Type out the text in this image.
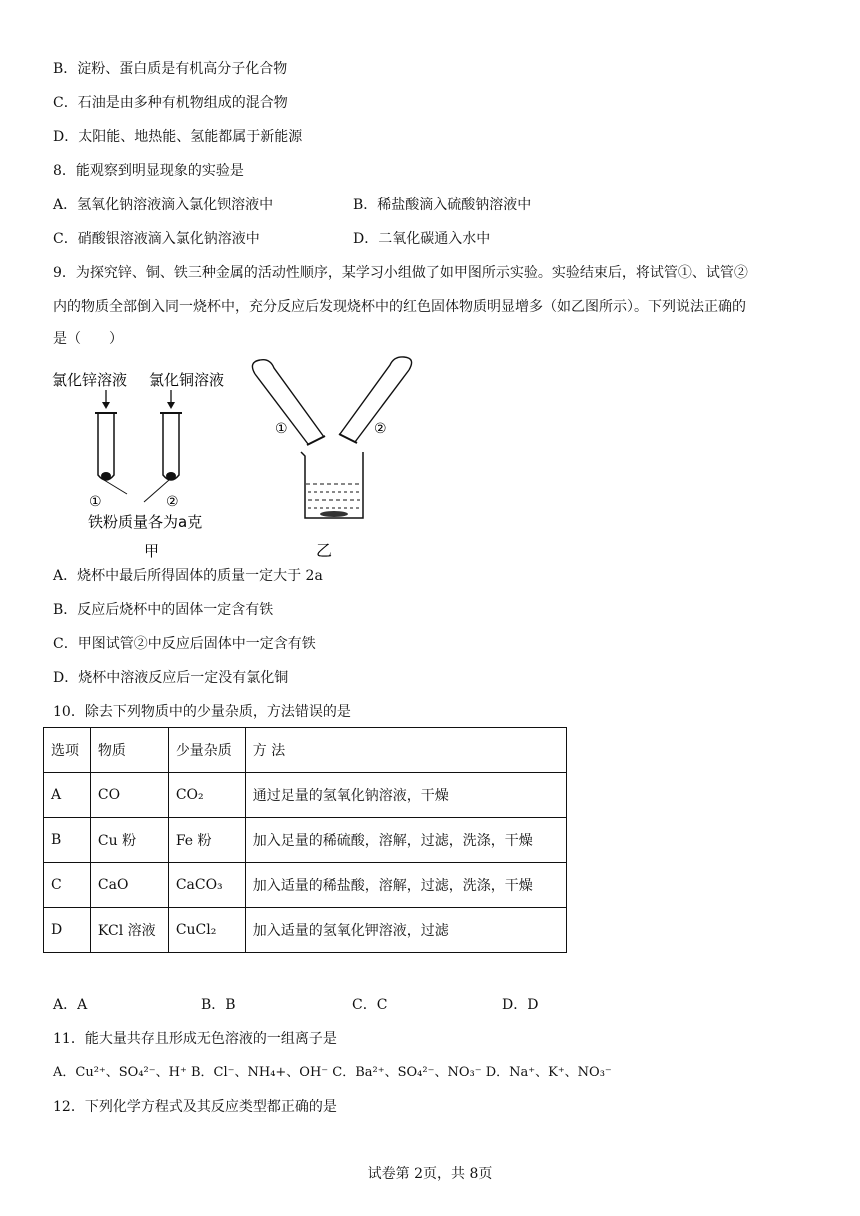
B．淀粉、蛋白质是有机高分子化合物
C．石油是由多种有机物组成的混合物
D．太阳能、地热能、氢能都属于新能源
8．能观察到明显现象的实验是
A．氢氧化钠溶液滴入氯化钡溶液中	B．稀盐酸滴入硫酸钠溶液中
C．硝酸银溶液滴入氯化钠溶液中	D．二氧化碳通入水中
9．为探究锌、铜、铁三种金属的活动性顺序，某学习小组做了如甲图所示实验。实验结束后，将试管①、试管②
内的物质全部倒入同一烧杯中，充分反应后发现烧杯中的红色固体物质明显增多（如乙图所示）。下列说法正确的
是（　　）
氯化锌溶液 氯化铜溶液
①	②
铁粉质量各为a克
甲
①	②
乙
A．烧杯中最后所得固体的质量一定大于 2a
B．反应后烧杯中的固体一定含有铁
C．甲图试管②中反应后固体中一定含有铁
D．烧杯中溶液反应后一定没有氯化铜
10．除去下列物质中的少量杂质，方法错误的是
选项	物质	少量杂质	方 法
A	CO	CO₂	通过足量的氢氧化钠溶液，干燥
B	Cu 粉	Fe 粉	加入足量的稀硫酸，溶解，过滤，洗涤，干燥
C	CaO	CaCO₃	加入适量的稀盐酸，溶解，过滤，洗涤，干燥
D	KCl 溶液	CuCl₂	加入适量的氢氧化钾溶液，过滤
A．A	B．B	C．C	D．D
11．能大量共存且形成无色溶液的一组离子是
A．Cu²⁺、SO₄²⁻、H⁺ B．Cl⁻、NH₄+、OH⁻ C．Ba²⁺、SO₄²⁻、NO₃⁻ D．Na⁺、K⁺、NO₃⁻
12．下列化学方程式及其反应类型都正确的是
试卷第 2页，共 8页
